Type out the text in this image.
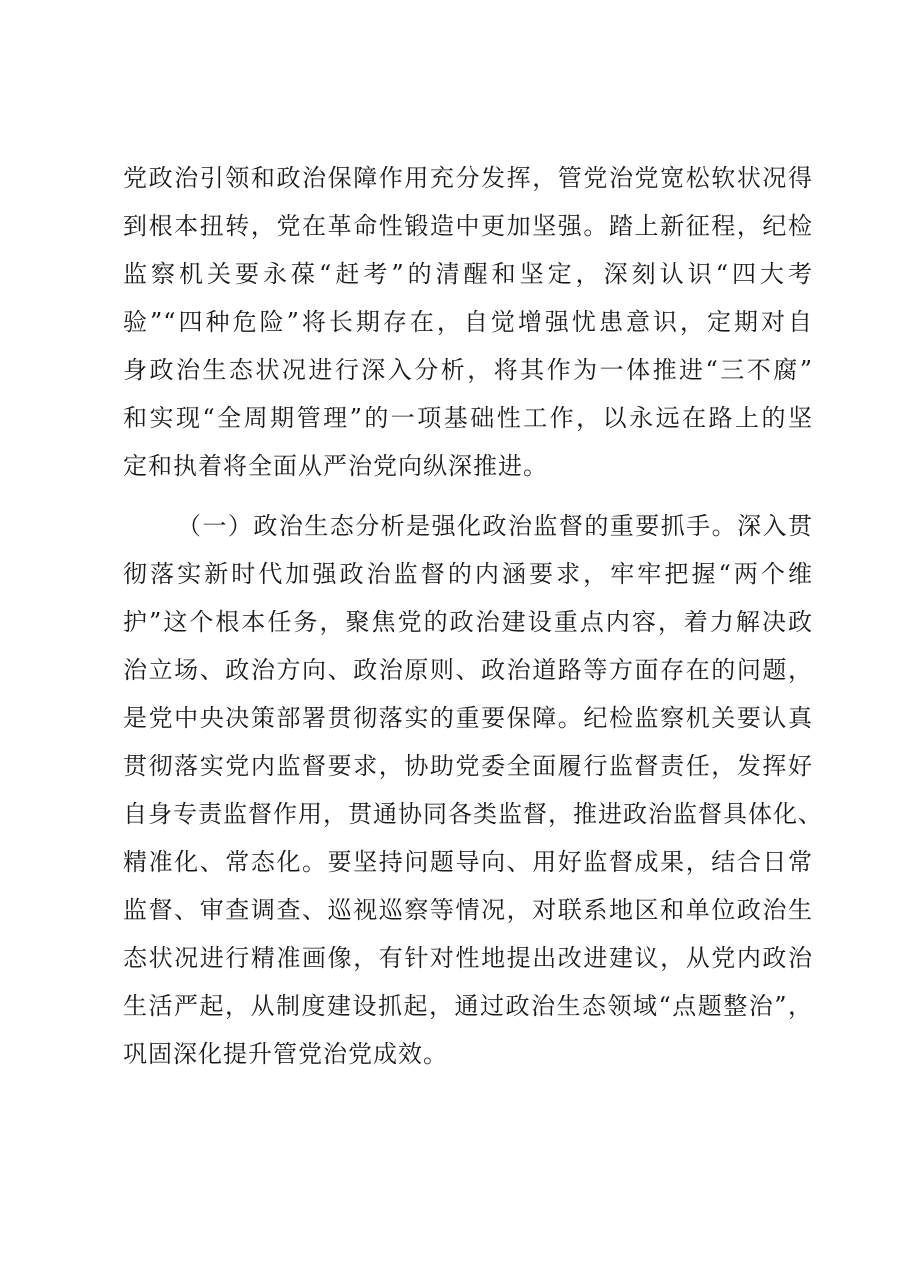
党政治引领和政治保障作用充分发挥，管党治党宽松软状况得
到根本扭转，党在革命性锻造中更加坚强。踏上新征程，纪检
监察机关要永葆“赶考”的清醒和坚定，深刻认识“四大考
验”“四种危险”将长期存在，自觉增强忧患意识，定期对自
身政治生态状况进行深入分析，将其作为一体推进“三不腐”
和实现“全周期管理”的一项基础性工作，以永远在路上的坚
定和执着将全面从严治党向纵深推进。
（一）政治生态分析是强化政治监督的重要抓手。深入贯
彻落实新时代加强政治监督的内涵要求，牢牢把握“两个维
护”这个根本任务，聚焦党的政治建设重点内容，着力解决政
治立场、政治方向、政治原则、政治道路等方面存在的问题，
是党中央决策部署贯彻落实的重要保障。纪检监察机关要认真
贯彻落实党内监督要求，协助党委全面履行监督责任，发挥好
自身专责监督作用，贯通协同各类监督，推进政治监督具体化、
精准化、常态化。要坚持问题导向、用好监督成果，结合日常
监督、审查调查、巡视巡察等情况，对联系地区和单位政治生
态状况进行精准画像，有针对性地提出改进建议，从党内政治
生活严起，从制度建设抓起，通过政治生态领域“点题整治”，
巩固深化提升管党治党成效。
